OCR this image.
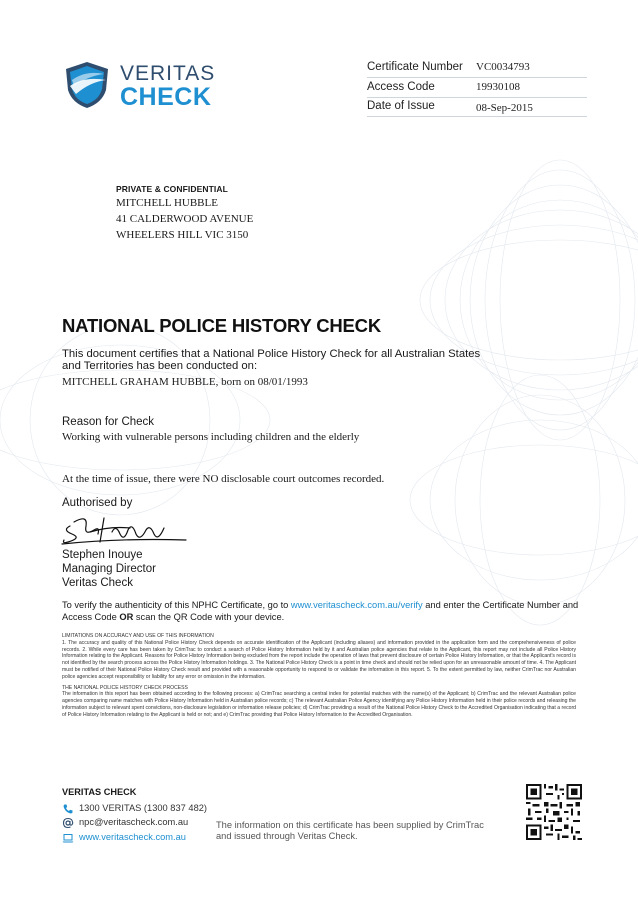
VERITAS
CHECK
Certificate Number VC0034793
Access Code	19930108
Date of Issue	08-Sep-2015
PRIVATE & CONFIDENTIAL
MITCHELL HUBBLE
41 CALDERWOOD AVENUE
WHEELERS HILL VIC 3150
NATIONAL POLICE HISTORY CHECK
This document certifies that a National Police History Check for all Australian States and Territories has been conducted on:
MITCHELL GRAHAM HUBBLE, born on 08/01/1993
Reason for Check
Working with vulnerable persons including children and the elderly
At the time of issue, there were NO disclosable court outcomes recorded.
Authorised by
Stephen Inouye
Managing Director
Veritas Check
To verify the authenticity of this NPHC Certificate, go to www.veritascheck.com.au/verify and enter the Certificate Number and Access Code OR scan the QR Code with your device.
LIMITATIONS ON ACCURACY AND USE OF THIS INFORMATION
1. The accuracy and quality of this National Police History Check depends on accurate identification of the Applicant (including aliases) and information provided in the application form and the comprehensiveness of police records. 2. While every care has been taken by CrimTrac to conduct a search of Police History Information held by it and Australian police agencies that relate to the Applicant, this report may not include all Police History Information relating to the Applicant. Reasons for Police History Information being excluded from the report include the operation of laws that prevent disclosure of certain Police History Information, or that the Applicant's record is not identified by the search process across the Police History Information holdings. 3. The National Police History Check is a point in time check and should not be relied upon for an unreasonable amount of time. 4. The Applicant must be notified of their National Police History Check result and provided with a reasonable opportunity to respond to or validate the information in this report. 5. To the extent permitted by law, neither CrimTrac nor Australian police agencies accept responsibility or liability for any error or omission in the information.
THE NATIONAL POLICE HISTORY CHECK PROCESS
The information in this report has been obtained according to the following process: a) CrimTrac searching a central index for potential matches with the name(s) of the Applicant; b) CrimTrac and the relevant Australian police agencies comparing name matches with Police History Information held in Australian police records; c) The relevant Australian Police Agency identifying any Police History Information held in their police records and releasing the information subject to relevant spent convictions, non-disclosure legislation or information release policies; d) CrimTrac providing a result of the National Police History Check to the Accredited Organisation indicating that a record of Police History Information relating to the Applicant is held or not; and e) CrimTrac providing that Police History Information to the Accredited Organisation.
VERITAS CHECK
1300 VERITAS (1300 837 482)
npc@veritascheck.com.au
www.veritascheck.com.au
The information on this certificate has been supplied by CrimTrac and issued through Veritas Check.
